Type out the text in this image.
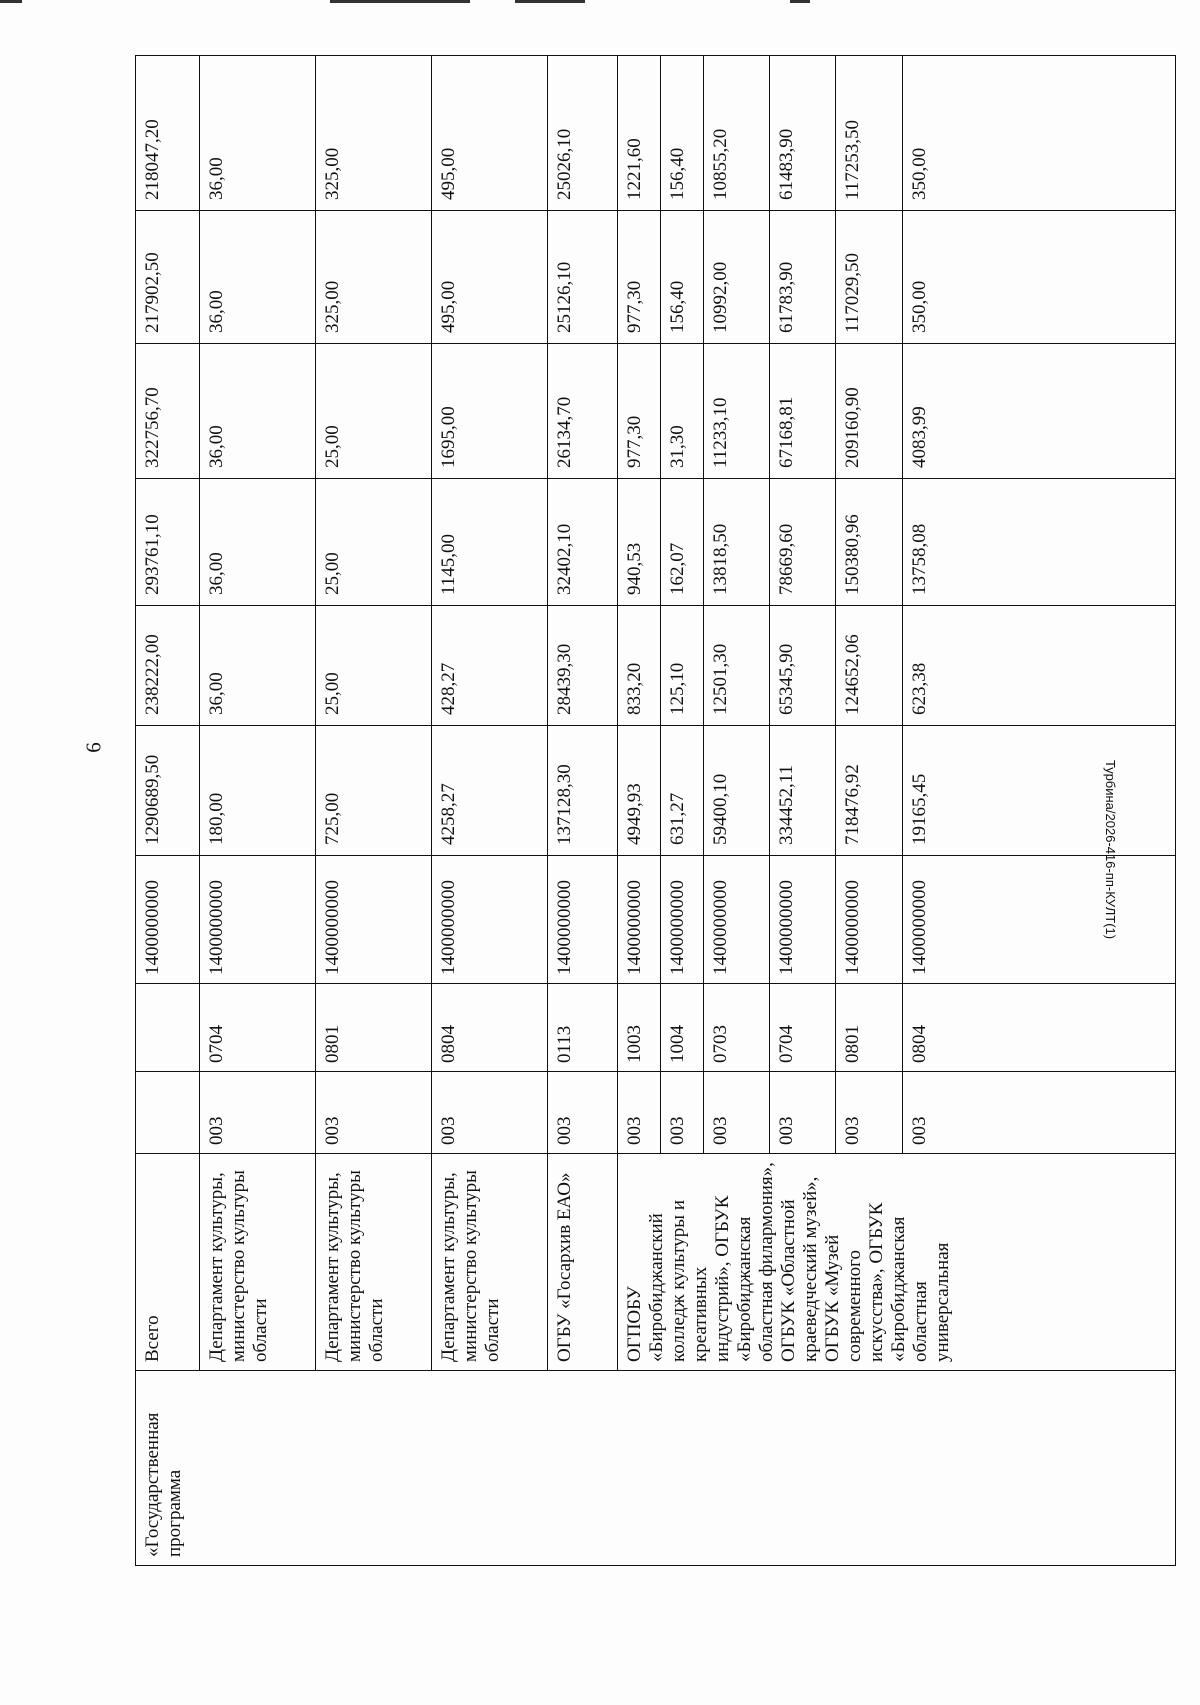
6
«Государственная программа	Всего			1400000000	1290689,50	238222,00	293761,10	322756,70	217902,50	218047,20
	Департамент культуры, министерство культуры области	003	0704	1400000000	180,00	36,00	36,00	36,00	36,00	36,00
	Департамент культуры, министерство культуры области	003	0801	1400000000	725,00	25,00	25,00	25,00	325,00	325,00
	Департамент культуры, министерство культуры области	003	0804	1400000000	4258,27	428,27	1145,00	1695,00	495,00	495,00
	ОГБУ «Госархив ЕАО»	003	0113	1400000000	137128,30	28439,30	32402,10	26134,70	25126,10	25026,10
	ОГПОБУ «Биробиджанский колледж культуры и креативных индустрий», ОГБУК «Биробиджанская областная филармония», ОГБУК «Областной краеведческий музей», ОГБУК «Музей современного искусства», ОГБУК «Биробиджанская областная универсальная	003	1003	1400000000	4949,93	833,20	940,53	977,30	977,30	1221,60
		003	1004	1400000000	631,27	125,10	162,07	31,30	156,40	156,40
		003	0703	1400000000	59400,10	12501,30	13818,50	11233,10	10992,00	10855,20
		003	0704	1400000000	334452,11	65345,90	78669,60	67168,81	61783,90	61483,90
		003	0801	1400000000	718476,92	124652,06	150380,96	209160,90	117029,50	117253,50
		003	0804	1400000000	19165,45	623,38	13758,08	4083,99	350,00	350,00
Турбина/2026-416-пп-КУЛТ(1)
